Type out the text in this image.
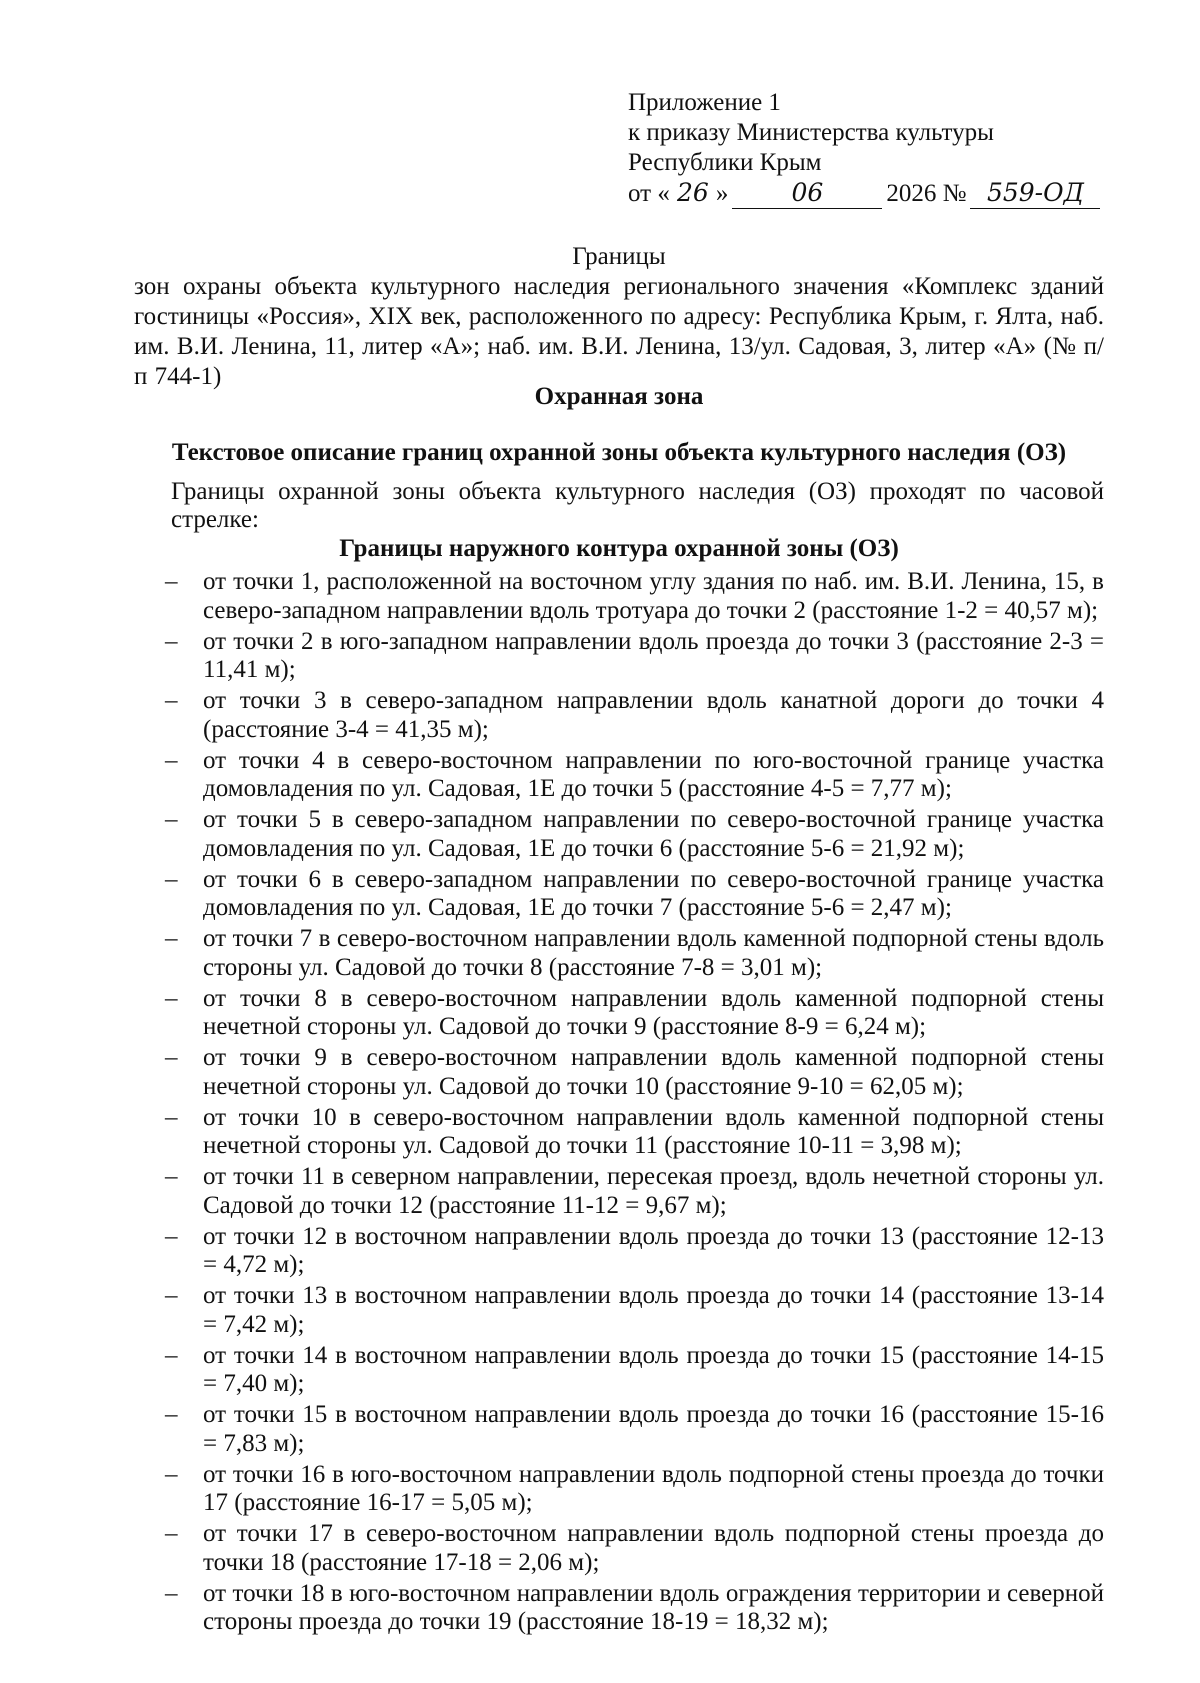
Приложение 1
к приказу Министерства культуры
Республики Крым
от « 26 »	06	2026 № 559-ОД
Границы
зон охраны объекта культурного наследия регионального значения «Комплекс зданий гостиницы «Россия», XIX век, расположенного по адресу: Республика Крым, г. Ялта, наб. им. В.И. Ленина, 11, литер «А»; наб. им. В.И. Ленина, 13/ул. Садовая, 3, литер «А» (№ п/п 744-1)
Охранная зона
Текстовое описание границ охранной зоны объекта культурного наследия (ОЗ)
Границы охранной зоны объекта культурного наследия (ОЗ) проходят по часовой стрелке:
Границы наружного контура охранной зоны (ОЗ)
– от точки 1, расположенной на восточном углу здания по наб. им. В.И. Ленина, 15, в северо-западном направлении вдоль тротуара до точки 2 (расстояние 1-2 = 40,57 м);
– от точки 2 в юго-западном направлении вдоль проезда до точки 3 (расстояние 2-3 = 11,41 м);
– от точки 3 в северо-западном направлении вдоль канатной дороги до точки 4 (расстояние 3-4 = 41,35 м);
– от точки 4 в северо-восточном направлении по юго-восточной границе участка домовладения по ул. Садовая, 1Е до точки 5 (расстояние 4-5 = 7,77 м);
– от точки 5 в северо-западном направлении по северо-восточной границе участка домовладения по ул. Садовая, 1Е до точки 6 (расстояние 5-6 = 21,92 м);
– от точки 6 в северо-западном направлении по северо-восточной границе участка домовладения по ул. Садовая, 1Е до точки 7 (расстояние 5-6 = 2,47 м);
– от точки 7 в северо-восточном направлении вдоль каменной подпорной стены вдоль стороны ул. Садовой до точки 8 (расстояние 7-8 = 3,01 м);
– от точки 8 в северо-восточном направлении вдоль каменной подпорной стены нечетной стороны ул. Садовой до точки 9 (расстояние 8-9 = 6,24 м);
– от точки 9 в северо-восточном направлении вдоль каменной подпорной стены нечетной стороны ул. Садовой до точки 10 (расстояние 9-10 = 62,05 м);
– от точки 10 в северо-восточном направлении вдоль каменной подпорной стены нечетной стороны ул. Садовой до точки 11 (расстояние 10-11 = 3,98 м);
– от точки 11 в северном направлении, пересекая проезд, вдоль нечетной стороны ул. Садовой до точки 12 (расстояние 11-12 = 9,67 м);
– от точки 12 в восточном направлении вдоль проезда до точки 13 (расстояние 12-13 = 4,72 м);
– от точки 13 в восточном направлении вдоль проезда до точки 14 (расстояние 13-14 = 7,42 м);
– от точки 14 в восточном направлении вдоль проезда до точки 15 (расстояние 14-15 = 7,40 м);
– от точки 15 в восточном направлении вдоль проезда до точки 16 (расстояние 15-16 = 7,83 м);
– от точки 16 в юго-восточном направлении вдоль подпорной стены проезда до точки 17 (расстояние 16-17 = 5,05 м);
– от точки 17 в северо-восточном направлении вдоль подпорной стены проезда до точки 18 (расстояние 17-18 = 2,06 м);
– от точки 18 в юго-восточном направлении вдоль ограждения территории и северной стороны проезда до точки 19 (расстояние 18-19 = 18,32 м);
